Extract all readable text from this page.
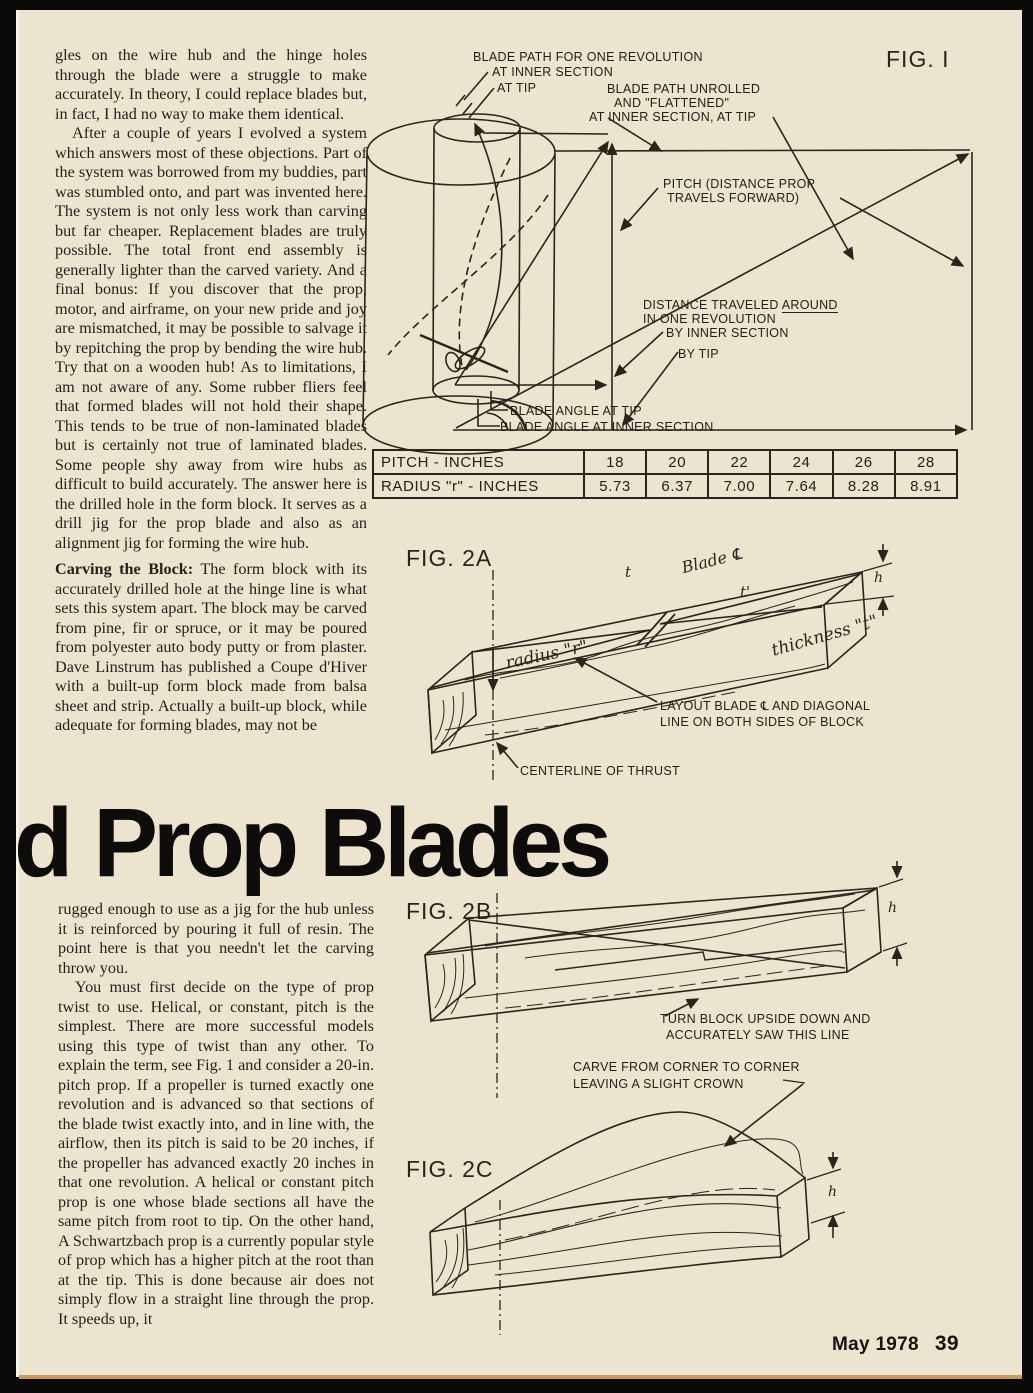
gles on the wire hub and the hinge holes through the blade were a struggle to make accurately. In theory, I could replace blades but, in fact, I had no way to make them identical.

After a couple of years I evolved a system which answers most of these objections. Part of the system was borrowed from my buddies, part was stumbled onto, and part was invented here. The system is not only less work than carving but far cheaper. Replacement blades are truly possible. The total front end assembly is generally lighter than the carved variety. And a final bonus: If you discover that the prop, motor, and airframe, on your new pride and joy are mismatched, it may be possible to salvage it by repitching the prop by bending the wire hub. Try that on a wooden hub! As to limitations, I am not aware of any. Some rubber fliers feel that formed blades will not hold their shape. This tends to be true of non-laminated blades but is certainly not true of laminated blades. Some people shy away from wire hubs as difficult to build accurately. The answer here is the drilled hole in the form block. It serves as a drill jig for the prop blade and also as an alignment jig for forming the wire hub.

Carving the Block: The form block with its accurately drilled hole at the hinge line is what sets this system apart. The block may be carved from pine, fir or spruce, or it may be poured from polyester auto body putty or from plaster. Dave Linstrum has published a Coupe d'Hiver with a built-up form block made from balsa sheet and strip. Actually a built-up block, while adequate for forming blades, may not be

d Prop Blades

rugged enough to use as a jig for the hub unless it is reinforced by pouring it full of resin. The point here is that you needn't let the carving throw you.

You must first decide on the type of prop twist to use. Helical, or constant, pitch is the simplest. There are more successful models using this type of twist than any other. To explain the term, see Fig. 1 and consider a 20-in. pitch prop. If a propeller is turned exactly one revolution and is advanced so that sections of the blade twist exactly into, and in line with, the airflow, then its pitch is said to be 20 inches, if the propeller has advanced exactly 20 inches in that one revolution. A helical or constant pitch prop is one whose blade sections all have the same pitch from root to tip. On the other hand, A Schwartzbach prop is a currently popular style of prop which has a higher pitch at the root than at the tip. This is done because air does not simply flow in a straight line through the prop. It speeds up, it

FIG. I
BLADE PATH FOR ONE REVOLUTION
AT INNER SECTION
AT TIP	BLADE PATH UNROLLED
AND "FLATTENED"
AT INNER SECTION, AT TIP
PITCH (DISTANCE PROP
TRAVELS FORWARD)
DISTANCE TRAVELED AROUND
IN ONE REVOLUTION
BY INNER SECTION
BY TIP
BLADE ANGLE AT TIP
BLADE ANGLE AT INNER SECTION
PITCH - INCHES	18	20	22	24	26	28
RADIUS "r" - INCHES	5.73	6.37	7.00	7.64	8.28	8.91
FIG. 2A
t	Blade ℄
t'
radius "r"	thickness "t"
h
LAYOUT BLADE ℄ AND DIAGONAL
LINE ON BOTH SIDES OF BLOCK
CENTERLINE OF THRUST
FIG. 2B	h
TURN BLOCK UPSIDE DOWN AND
ACCURATELY SAW THIS LINE
CARVE FROM CORNER TO CORNER
LEAVING A SLIGHT CROWN
FIG. 2C
h
May 1978 39
